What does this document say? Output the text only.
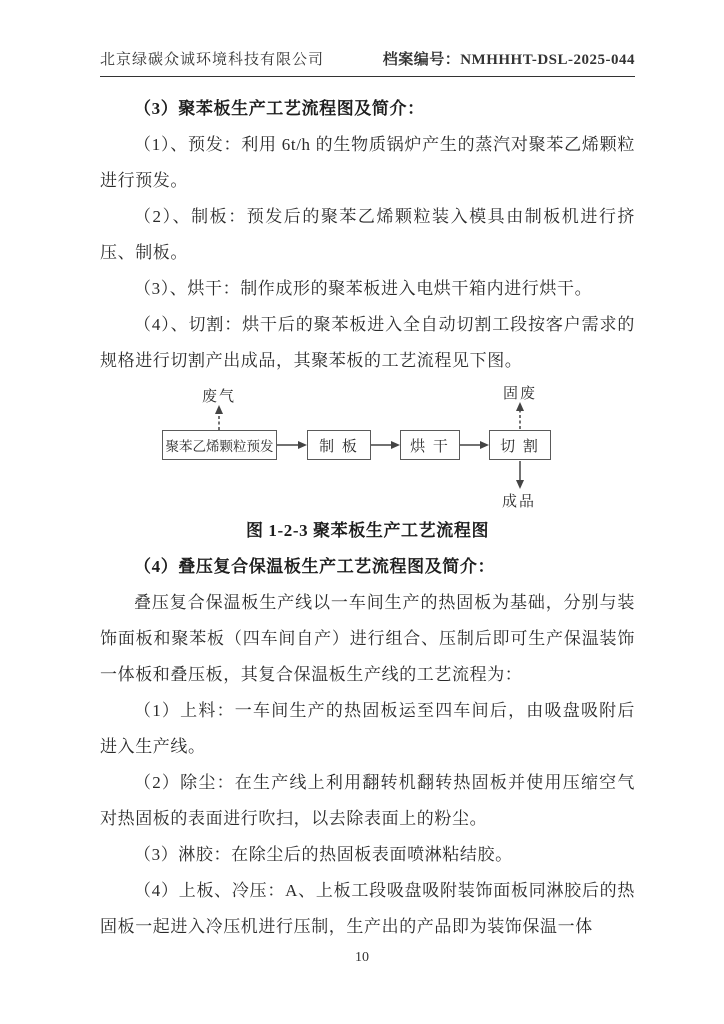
北京绿碳众诚环境科技有限公司	档案编号：NMHHHT-DSL-2025-044

（3）聚苯板生产工艺流程图及简介：

（1）、预发：利用 6t/h 的生物质锅炉产生的蒸汽对聚苯乙烯颗粒进行预发。

（2）、制板：预发后的聚苯乙烯颗粒装入模具由制板机进行挤压、制板。

（3）、烘干：制作成形的聚苯板进入电烘干箱内进行烘干。

（4）、切割：烘干后的聚苯板进入全自动切割工段按客户需求的规格进行切割产出成品，其聚苯板的工艺流程见下图。

废气
聚苯乙烯颗粒预发	制 板	烘 干	切 割
固废
成品

图 1-2-3 聚苯板生产工艺流程图

（4）叠压复合保温板生产工艺流程图及简介：

叠压复合保温板生产线以一车间生产的热固板为基础，分别与装饰面板和聚苯板（四车间自产）进行组合、压制后即可生产保温装饰一体板和叠压板，其复合保温板生产线的工艺流程为：

（1）上料：一车间生产的热固板运至四车间后，由吸盘吸附后进入生产线。

（2）除尘：在生产线上利用翻转机翻转热固板并使用压缩空气对热固板的表面进行吹扫，以去除表面上的粉尘。

（3）淋胶：在除尘后的热固板表面喷淋粘结胶。

（4）上板、冷压：A、上板工段吸盘吸附装饰面板同淋胶后的热固板一起进入冷压机进行压制，生产出的产品即为装饰保温一体

10
